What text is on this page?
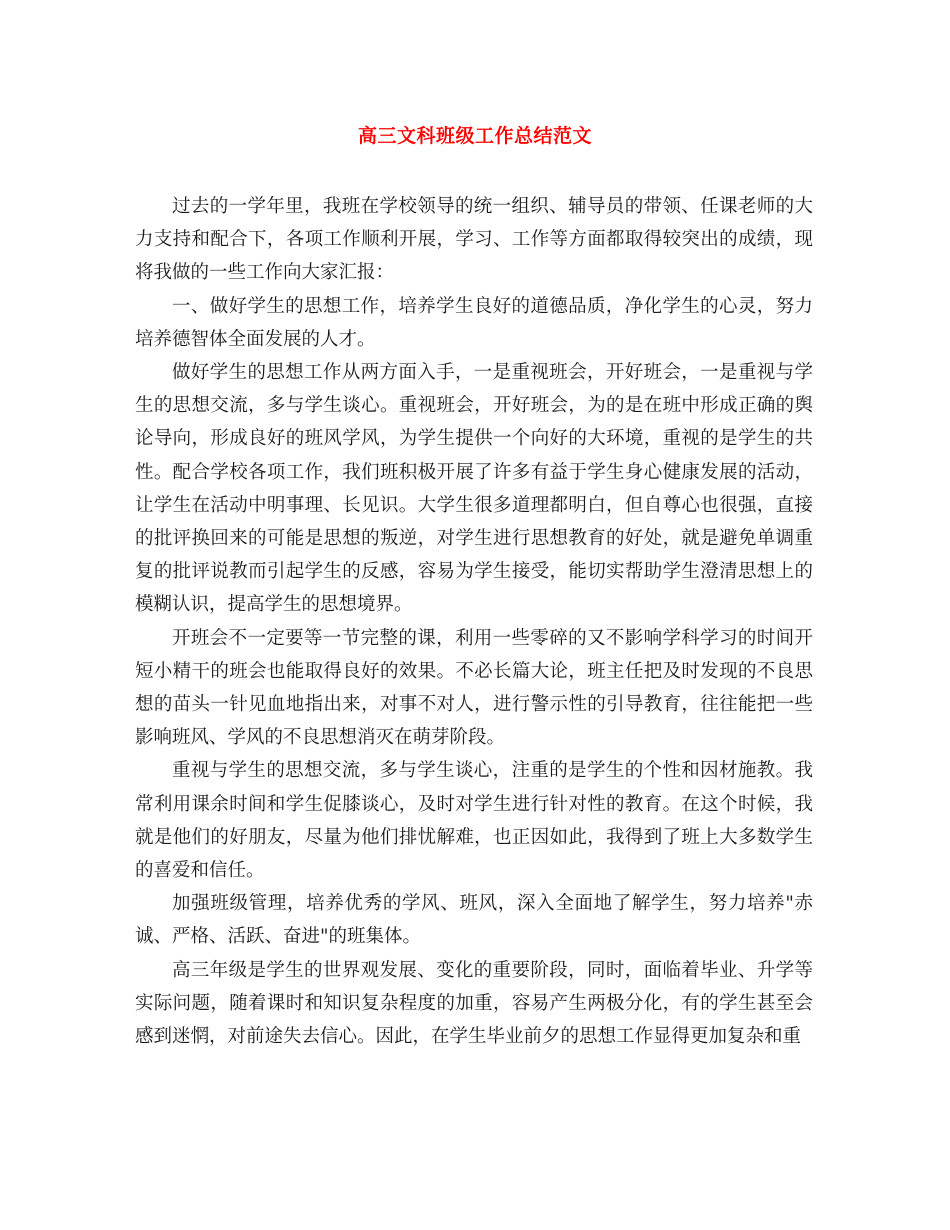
高三文科班级工作总结范文

过去的一学年里，我班在学校领导的统一组织、辅导员的带领、任课老师的大力支持和配合下，各项工作顺利开展，学习、工作等方面都取得较突出的成绩，现将我做的一些工作向大家汇报：

一、做好学生的思想工作，培养学生良好的道德品质，净化学生的心灵，努力培养德智体全面发展的人才。

做好学生的思想工作从两方面入手，一是重视班会，开好班会，一是重视与学生的思想交流，多与学生谈心。重视班会，开好班会，为的是在班中形成正确的舆论导向，形成良好的班风学风，为学生提供一个向好的大环境，重视的是学生的共性。配合学校各项工作，我们班积极开展了许多有益于学生身心健康发展的活动，让学生在活动中明事理、长见识。大学生很多道理都明白，但自尊心也很强，直接的批评换回来的可能是思想的叛逆，对学生进行思想教育的好处，就是避免单调重复的批评说教而引起学生的反感，容易为学生接受，能切实帮助学生澄清思想上的模糊认识，提高学生的思想境界。

开班会不一定要等一节完整的课，利用一些零碎的又不影响学科学习的时间开短小精干的班会也能取得良好的效果。不必长篇大论，班主任把及时发现的不良思想的苗头一针见血地指出来，对事不对人，进行警示性的引导教育，往往能把一些影响班风、学风的不良思想消灭在萌芽阶段。

重视与学生的思想交流，多与学生谈心，注重的是学生的个性和因材施教。我常利用课余时间和学生促膝谈心，及时对学生进行针对性的教育。在这个时候，我就是他们的好朋友，尽量为他们排忧解难，也正因如此，我得到了班上大多数学生的喜爱和信任。

加强班级管理，培养优秀的学风、班风，深入全面地了解学生，努力培养"赤诚、严格、活跃、奋进"的班集体。

高三年级是学生的世界观发展、变化的重要阶段，同时，面临着毕业、升学等实际问题，随着课时和知识复杂程度的加重，容易产生两极分化，有的学生甚至会感到迷惘，对前途失去信心。因此，在学生毕业前夕的思想工作显得更加复杂和重
